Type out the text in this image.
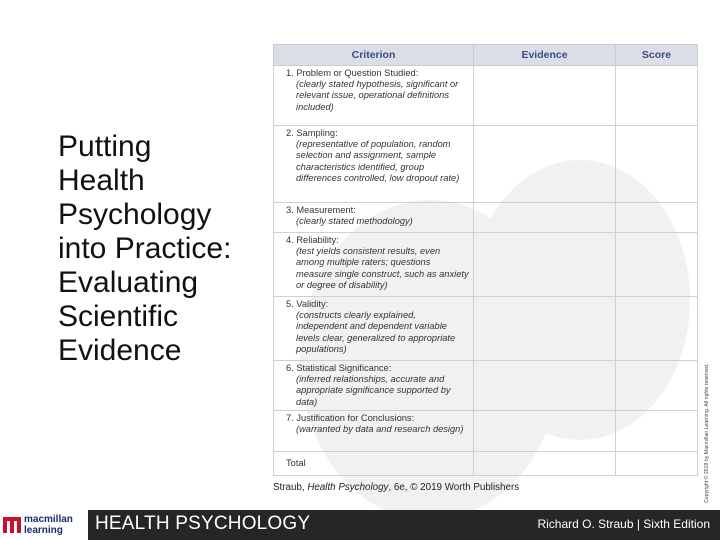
Putting
Health
Psychology
into Practice:
Evaluating
Scientific
Evidence
Criterion	Evidence	Score

1. Problem or Question Studied:
(clearly stated hypothesis, significant or relevant issue, operational definitions included)		

2. Sampling:
(representative of population, random selection and assignment, sample characteristics identified, group differences controlled, low dropout rate)		

3. Measurement:
(clearly stated methodology)		

4. Reliability:
(test yields consistent results, even among multiple raters; questions measure single construct, such as anxiety or degree of disability)		

5. Validity:
(constructs clearly explained, independent and dependent variable levels clear, generalized to appropriate populations)		

6. Statistical Significance:
(inferred relationships, accurate and appropriate significance supported by data)		

7. Justification for Conclusions:
(warranted by data and research design)		

Total		

Straub, Health Psychology, 6e, © 2019 Worth Publishers	Copyright © 2019 by Macmillan Learning. All rights reserved.
macmillan
learning	HEALTH PSYCHOLOGY	Richard O. Straub | Sixth Edition
